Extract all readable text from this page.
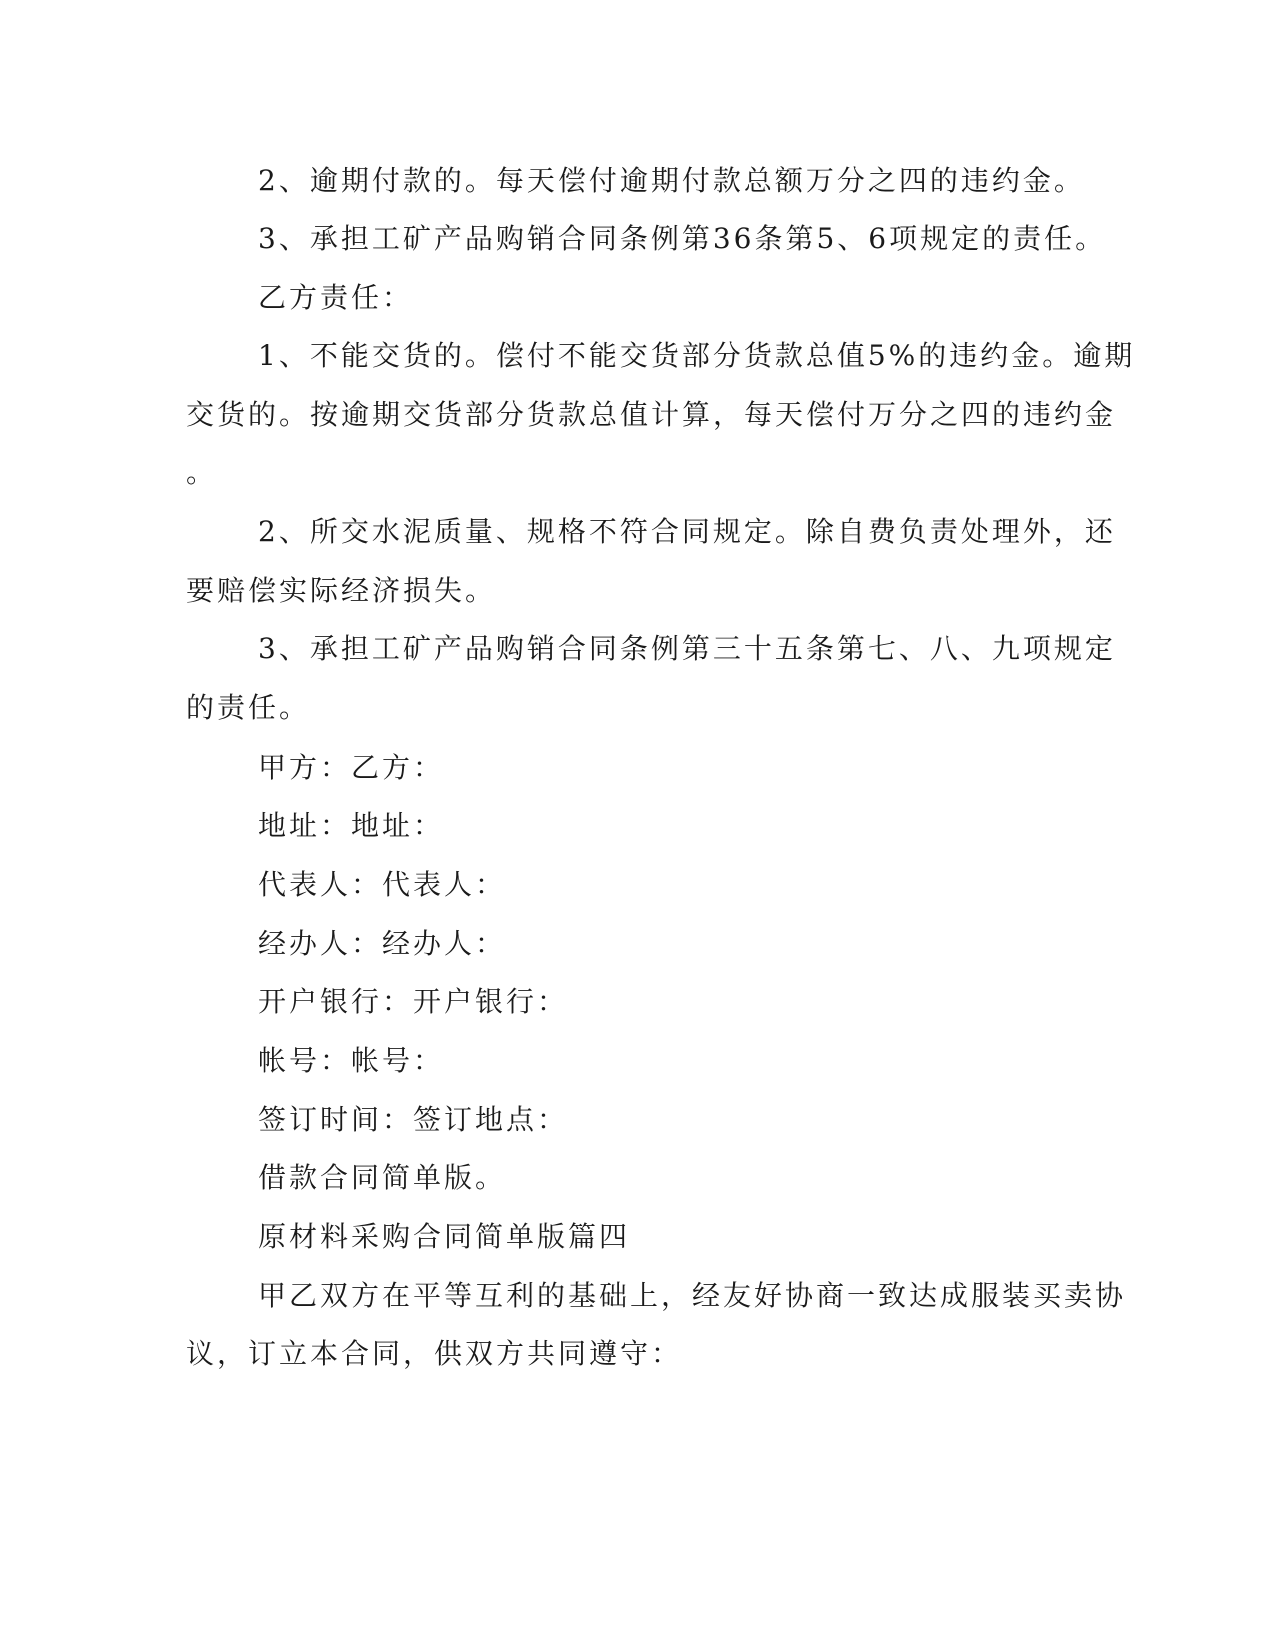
2、逾期付款的。每天偿付逾期付款总额万分之四的违约金。
3、承担工矿产品购销合同条例第36条第5、6项规定的责任。
乙方责任：
1、不能交货的。偿付不能交货部分货款总值5%的违约金。逾期
交货的。按逾期交货部分货款总值计算，每天偿付万分之四的违约金
。
2、所交水泥质量、规格不符合同规定。除自费负责处理外，还
要赔偿实际经济损失。
3、承担工矿产品购销合同条例第三十五条第七、八、九项规定
的责任。
甲方：乙方：
地址：地址：
代表人：代表人：
经办人：经办人：
开户银行：开户银行：
帐号：帐号：
签订时间：签订地点：
借款合同简单版。
原材料采购合同简单版篇四
甲乙双方在平等互利的基础上，经友好协商一致达成服装买卖协
议，订立本合同，供双方共同遵守：
